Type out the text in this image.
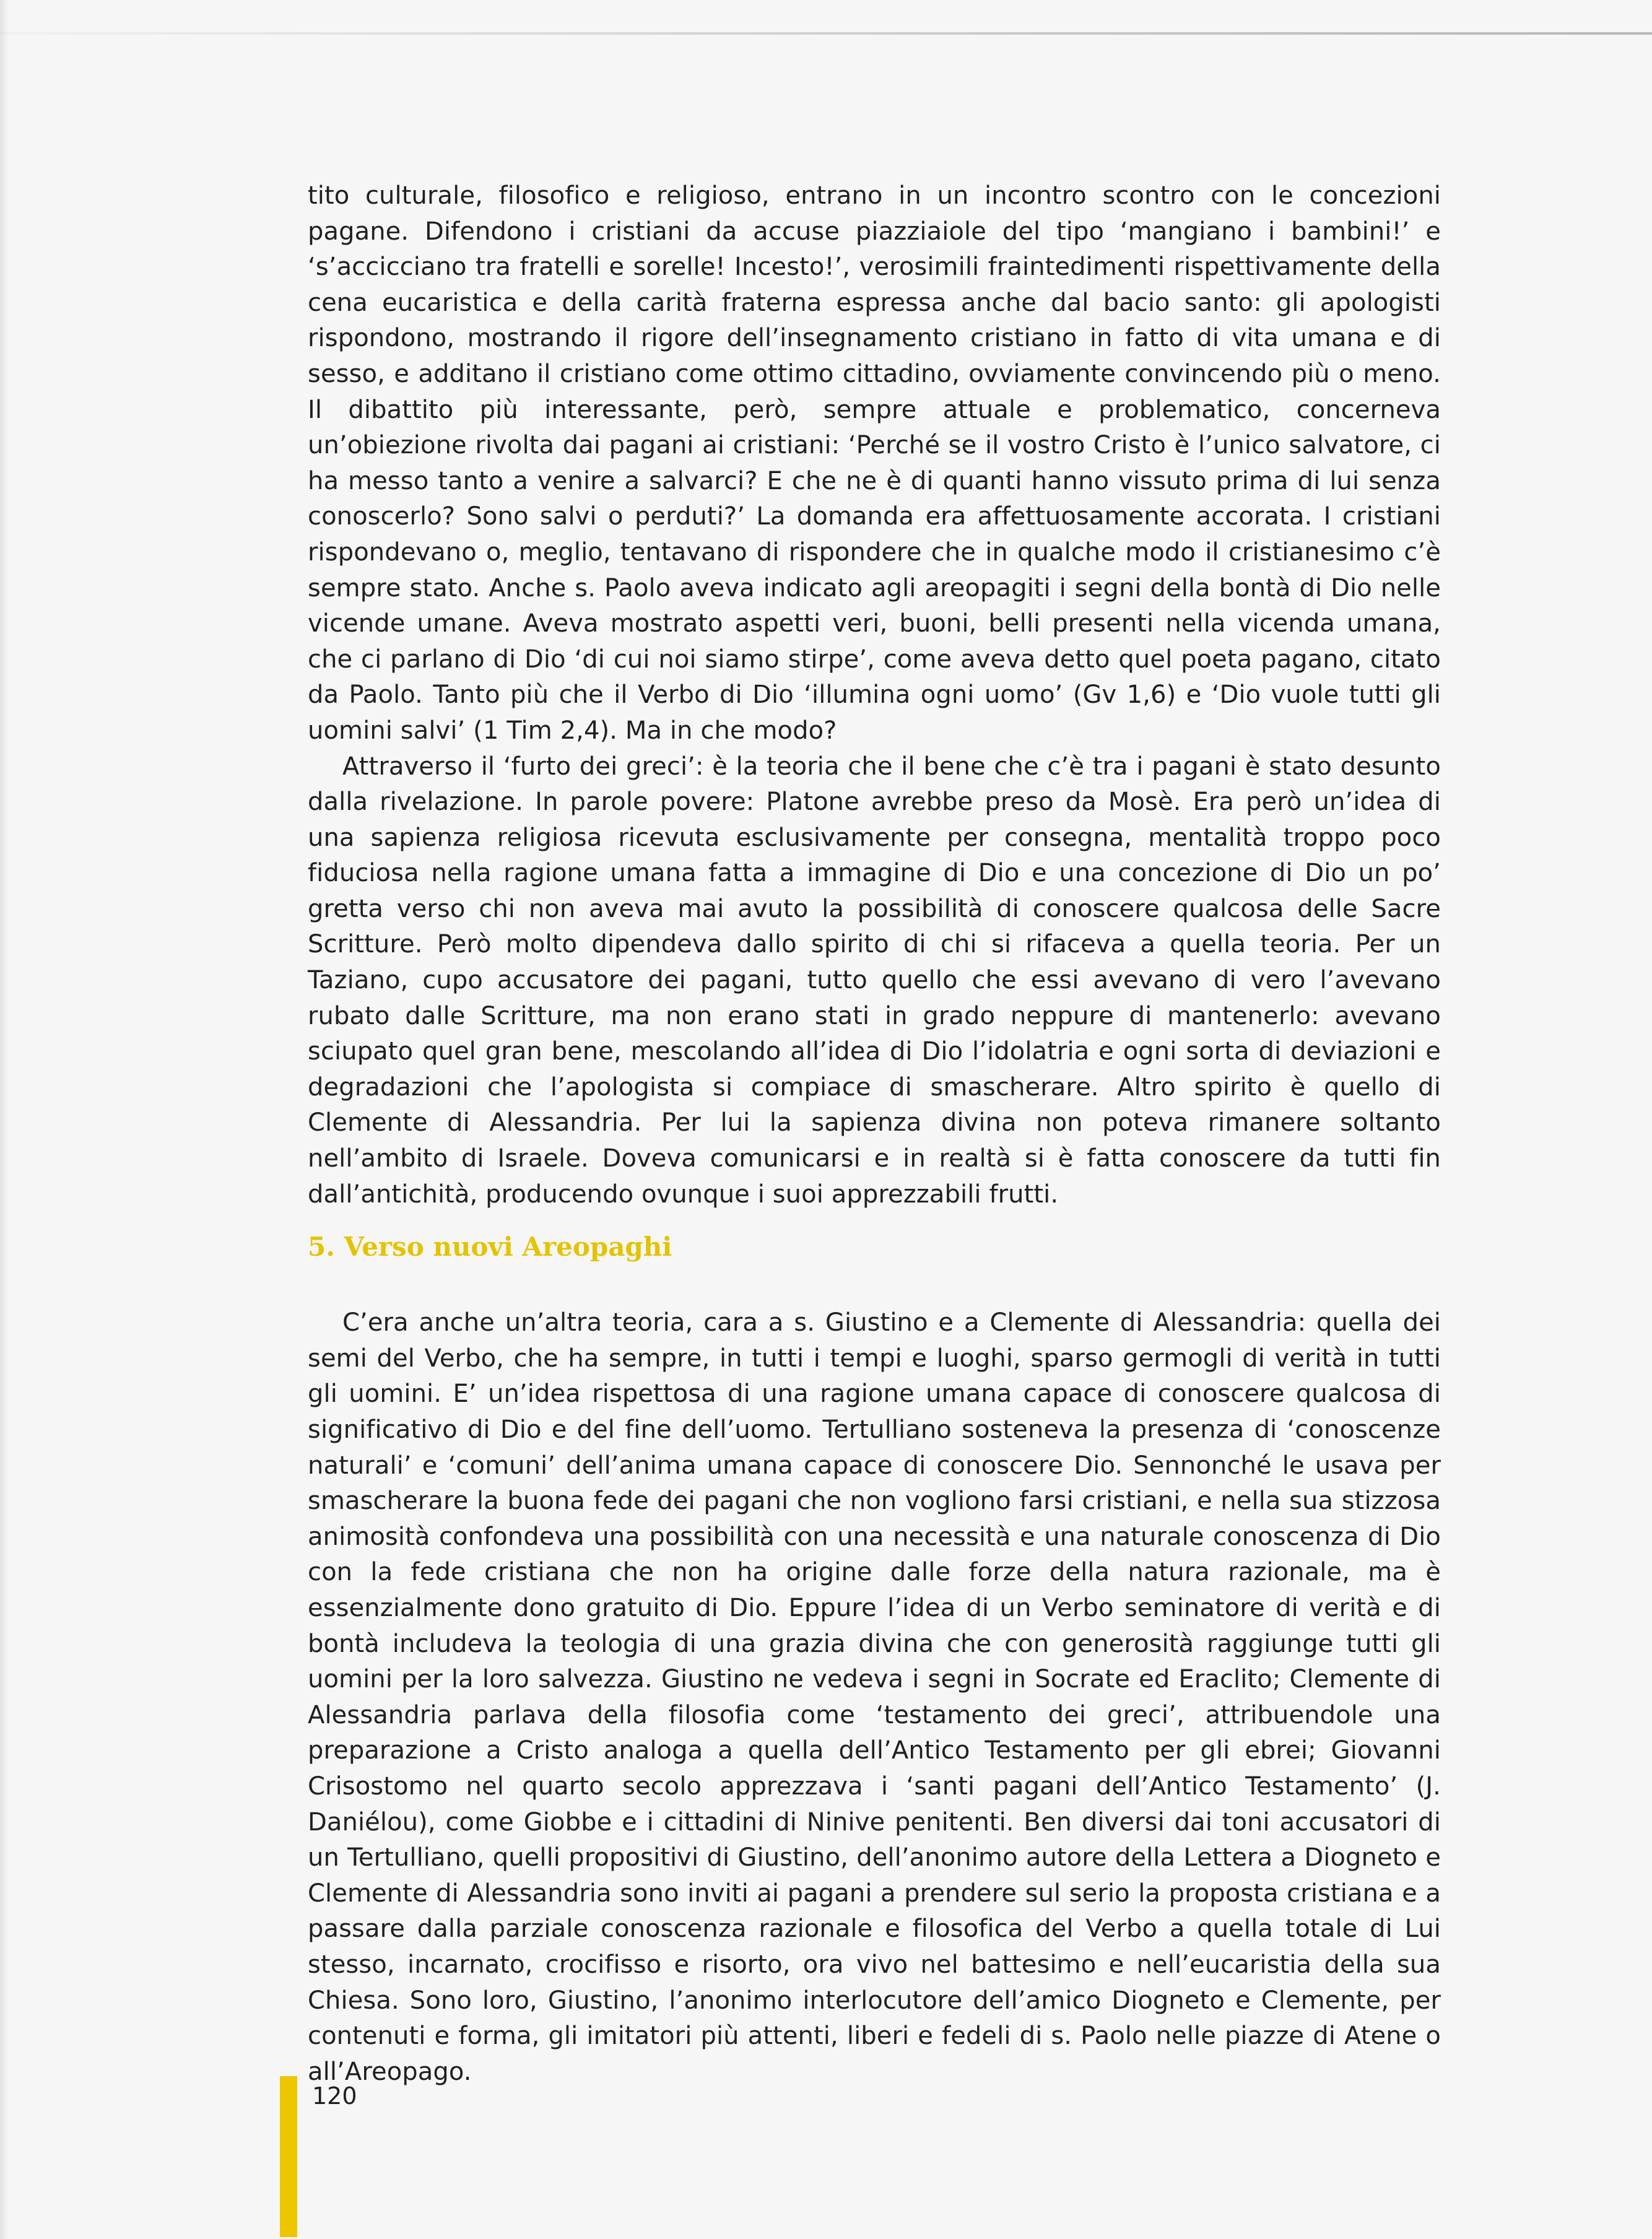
tito culturale, filosofico e religioso, entrano in un incontro scontro con le concezioni pagane. Difendono i cristiani da accuse piazziaiole del tipo ‘mangiano i bambini!’ e ‘s’accicciano tra fratelli e sorelle! Incesto!’, verosimili fraintedimenti rispettivamente della cena eucaristica e della carità fraterna espressa anche dal bacio santo: gli apologisti rispondono, mostrando il rigore dell’insegnamento cristiano in fatto di vita umana e di sesso, e additano il cristiano come ottimo cittadino, ovviamente convincendo più o meno. Il dibattito più interessante, però, sempre attuale e problematico, concerneva un’obiezione rivolta dai pagani ai cristiani: ‘Perché se il vostro Cristo è l’unico salvatore, ci ha messo tanto a venire a salvarci? E che ne è di quanti hanno vissuto prima di lui senza conoscerlo? Sono salvi o perduti?’ La domanda era affettuosamente accorata. I cristiani rispondevano o, meglio, tentavano di rispondere che in qualche modo il cristianesimo c’è sempre stato. Anche s. Paolo aveva indicato agli areopagiti i segni della bontà di Dio nelle vicende umane. Aveva mostrato aspetti veri, buoni, belli presenti nella vicenda umana, che ci parlano di Dio ‘di cui noi siamo stirpe’, come aveva detto quel poeta pagano, citato da Paolo. Tanto più che il Verbo di Dio ‘illumina ogni uomo’ (Gv 1,6) e ‘Dio vuole tutti gli uomini salvi’ (1 Tim 2,4). Ma in che modo?

Attraverso il ‘furto dei greci’: è la teoria che il bene che c’è tra i pagani è stato desunto dalla rivelazione. In parole povere: Platone avrebbe preso da Mosè. Era però un’idea di una sapienza religiosa ricevuta esclusivamente per consegna, mentalità troppo poco fiduciosa nella ragione umana fatta a immagine di Dio e una concezione di Dio un po’ gretta verso chi non aveva mai avuto la possibilità di conoscere qualcosa delle Sacre Scritture. Però molto dipendeva dallo spirito di chi si rifaceva a quella teoria. Per un Taziano, cupo accusatore dei pagani, tutto quello che essi avevano di vero l’avevano rubato dalle Scritture, ma non erano stati in grado neppure di mantenerlo: avevano sciupato quel gran bene, mescolando all’idea di Dio l’idolatria e ogni sorta di deviazioni e degradazioni che l’apologista si compiace di smascherare. Altro spirito è quello di Clemente di Alessandria. Per lui la sapienza divina non poteva rimanere soltanto nell’ambito di Israele. Doveva comunicarsi e in realtà si è fatta conoscere da tutti fin dall’antichità, producendo ovunque i suoi apprezzabili frutti.

5. Verso nuovi Areopaghi

C’era anche un’altra teoria, cara a s. Giustino e a Clemente di Alessandria: quella dei semi del Verbo, che ha sempre, in tutti i tempi e luoghi, sparso germogli di verità in tutti gli uomini. E’ un’idea rispettosa di una ragione umana capace di conoscere qualcosa di significativo di Dio e del fine dell’uomo. Tertulliano sosteneva la presenza di ‘conoscenze naturali’ e ‘comuni’ dell’anima umana capace di conoscere Dio. Sennonché le usava per smascherare la buona fede dei pagani che non vogliono farsi cristiani, e nella sua stizzosa animosità confondeva una possibilità con una necessità e una naturale conoscenza di Dio con la fede cristiana che non ha origine dalle forze della natura razionale, ma è essenzialmente dono gratuito di Dio. Eppure l’idea di un Verbo seminatore di verità e di bontà includeva la teologia di una grazia divina che con generosità raggiunge tutti gli uomini per la loro salvezza. Giustino ne vedeva i segni in Socrate ed Eraclito; Clemente di Alessandria parlava della filosofia come ‘testamento dei greci’, attribuendole una preparazione a Cristo analoga a quella dell’Antico Testamento per gli ebrei; Giovanni Crisostomo nel quarto secolo apprezzava i ‘santi pagani dell’Antico Testamento’ (J. Daniélou), come Giobbe e i cittadini di Ninive penitenti. Ben diversi dai toni accusatori di un Tertulliano, quelli propositivi di Giustino, dell’anonimo autore della Lettera a Diogneto e Clemente di Alessandria sono inviti ai pagani a prendere sul serio la proposta cristiana e a passare dalla parziale conoscenza razionale e filosofica del Verbo a quella totale di Lui stesso, incarnato, crocifisso e risorto, ora vivo nel battesimo e nell’eucaristia della sua Chiesa. Sono loro, Giustino, l’anonimo interlocutore dell’amico Diogneto e Clemente, per contenuti e forma, gli imitatori più attenti, liberi e fedeli di s. Paolo nelle piazze di Atene o all’Areopago.

120
